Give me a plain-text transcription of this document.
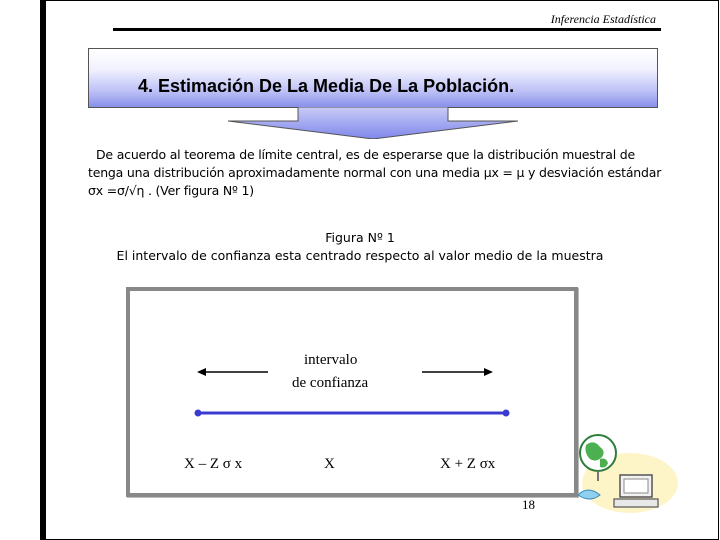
Inferencia Estadística
4. Estimación De La Media De La Población.
De acuerdo al teorema de límite central, es de esperarse que la distribución muestral de
tenga una distribución aproximadamente normal con una media µx = µ y desviación estándar
σx =σ/√η . (Ver figura Nº 1)
Figura Nº 1
El intervalo de confianza esta centrado respecto al valor medio de la muestra
intervalo
de confianza
X – Z σ x	X	X + Z σx
18
